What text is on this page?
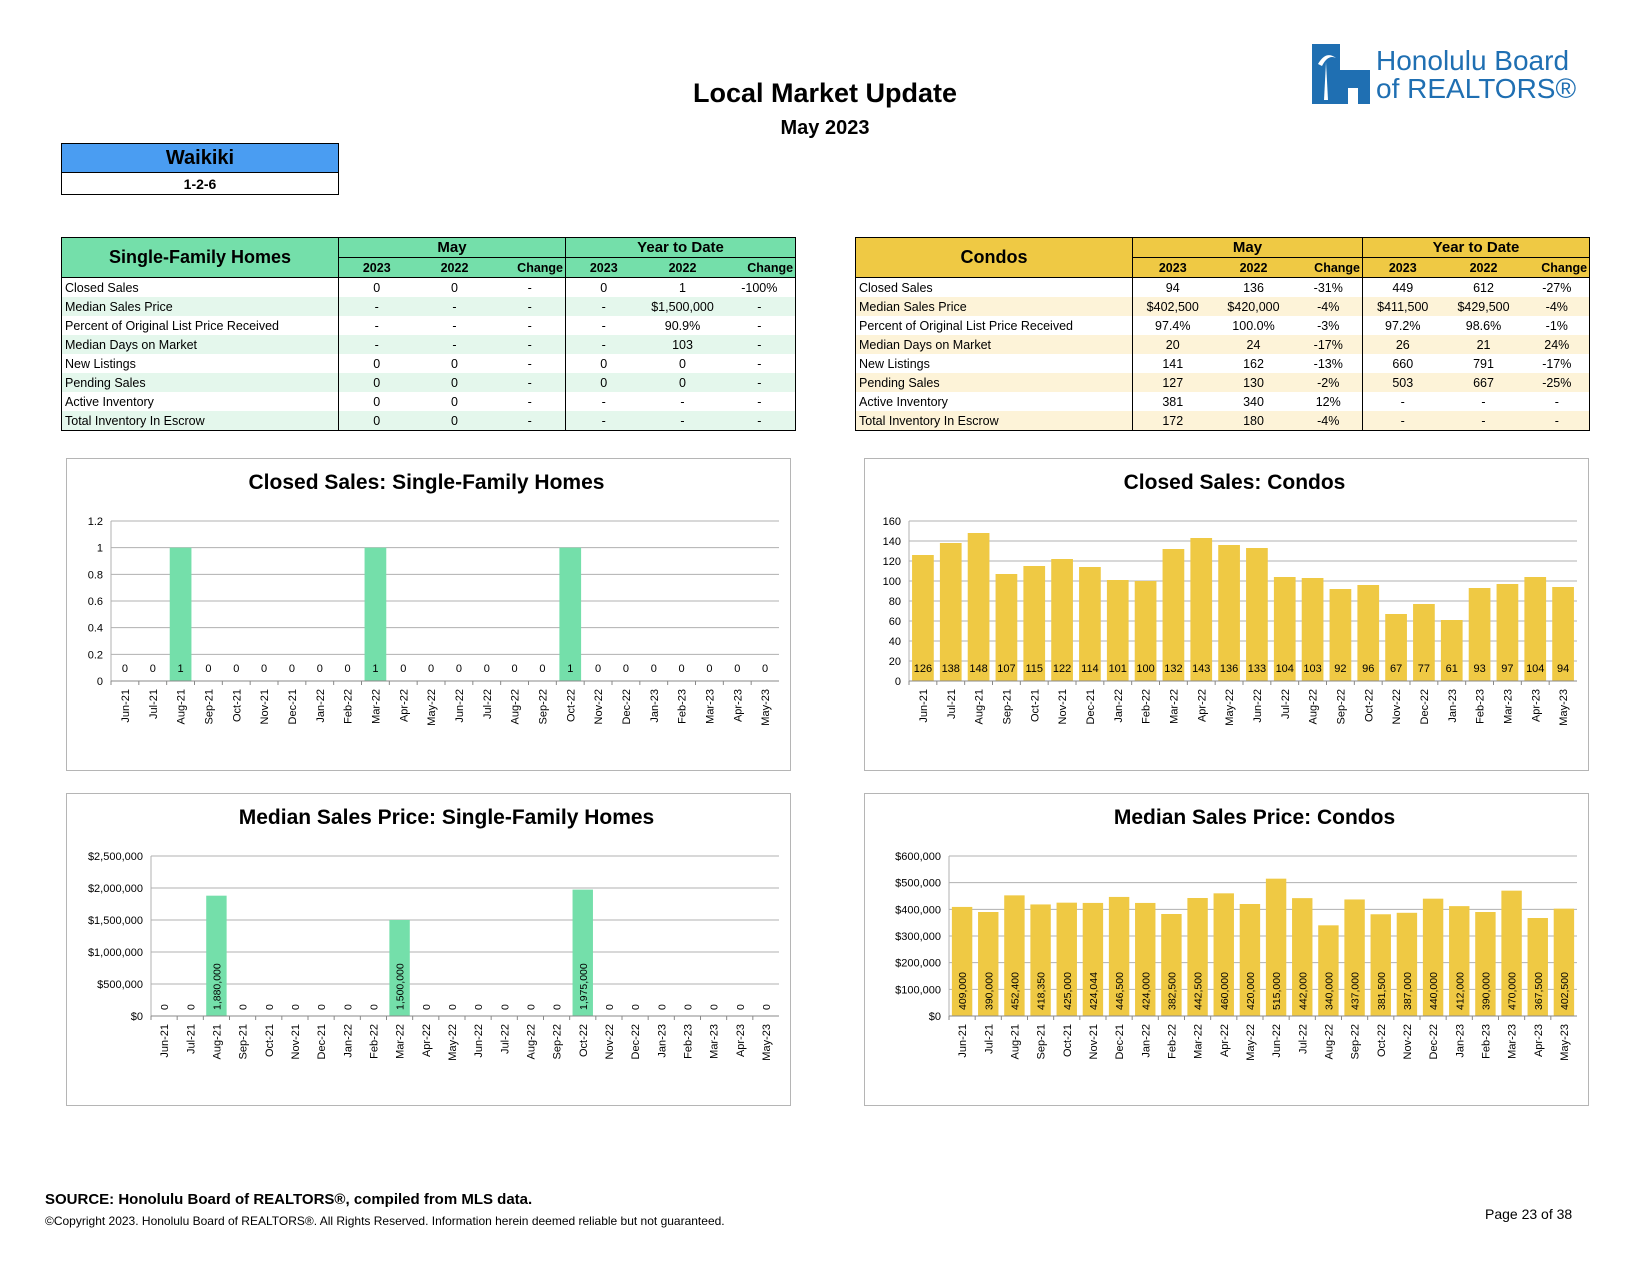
Local Market Update
May 2023
Honolulu Board
of REALTORS®
Waikiki
1-2-6
Single-Family Homes	May			Year to Date		
	2023	2022	Change	2023	2022	Change
Closed Sales	0	0	-	0	1	-100%
Median Sales Price	-	-	-	-	$1,500,000	-
Percent of Original List Price Received	-	-	-	-	90.9%	-
Median Days on Market	-	-	-	-	103	-
New Listings	0	0	-	0	0	-
Pending Sales	0	0	-	0	0	-
Active Inventory	0	0	-	-	-	-
Total Inventory In Escrow	0	0	-	-	-	-
Condos	May			Year to Date		
	2023	2022	Change	2023	2022	Change
Closed Sales	94	136	-31%	449	612	-27%
Median Sales Price	$402,500	$420,000	-4%	$411,500	$429,500	-4%
Percent of Original List Price Received	97.4%	100.0%	-3%	97.2%	98.6%	-1%
Median Days on Market	20	24	-17%	26	21	24%
New Listings	141	162	-13%	660	791	-17%
Pending Sales	127	130	-2%	503	667	-25%
Active Inventory	381	340	12%	-	-	-
Total Inventory In Escrow	172	180	-4%	-	-	-
Closed Sales: Single-Family Homes
0
0.2
0.4
0.6
0.8
1
1.2
0
Jun-21
0
Jul-21
1
Aug-21
0
Sep-21
0
Oct-21
0
Nov-21
0
Dec-21
0
Jan-22
0
Feb-22
1
Mar-22
0
Apr-22
0
May-22
0
Jun-22
0
Jul-22
0
Aug-22
0
Sep-22
1
Oct-22
0
Nov-22
0
Dec-22
0
Jan-23
0
Feb-23
0
Mar-23
0
Apr-23
0
May-23
Closed Sales: Condos
0
20
40
60
80
100
120
140
160
126
Jun-21
138
Jul-21
148
Aug-21
107
Sep-21
115
Oct-21
122
Nov-21
114
Dec-21
101
Jan-22
100
Feb-22
132
Mar-22
143
Apr-22
136
May-22
133
Jun-22
104
Jul-22
103
Aug-22
92
Sep-22
96
Oct-22
67
Nov-22
77
Dec-22
61
Jan-23
93
Feb-23
97
Mar-23
104
Apr-23
94
May-23
Median Sales Price: Single-Family Homes
$0
$500,000
$1,000,000
$1,500,000
$2,000,000
$2,500,000
0
Jun-21
0
Jul-21
1,880,000
Aug-21
0
Sep-21
0
Oct-21
0
Nov-21
0
Dec-21
0
Jan-22
0
Feb-22
1,500,000
Mar-22
0
Apr-22
0
May-22
0
Jun-22
0
Jul-22
0
Aug-22
0
Sep-22
1,975,000
Oct-22
0
Nov-22
0
Dec-22
0
Jan-23
0
Feb-23
0
Mar-23
0
Apr-23
0
May-23
Median Sales Price: Condos
$0
$100,000
$200,000
$300,000
$400,000
$500,000
$600,000
409,000
Jun-21
390,000
Jul-21
452,400
Aug-21
418,350
Sep-21
425,000
Oct-21
424,044
Nov-21
446,500
Dec-21
424,000
Jan-22
382,500
Feb-22
442,500
Mar-22
460,000
Apr-22
420,000
May-22
515,000
Jun-22
442,000
Jul-22
340,000
Aug-22
437,000
Sep-22
381,500
Oct-22
387,000
Nov-22
440,000
Dec-22
412,000
Jan-23
390,000
Feb-23
470,000
Mar-23
367,500
Apr-23
402,500
May-23
SOURCE: Honolulu Board of REALTORS®, compiled from MLS data.
©Copyright 2023. Honolulu Board of REALTORS®. All Rights Reserved. Information herein deemed reliable but not guaranteed.	Page 23 of 38
